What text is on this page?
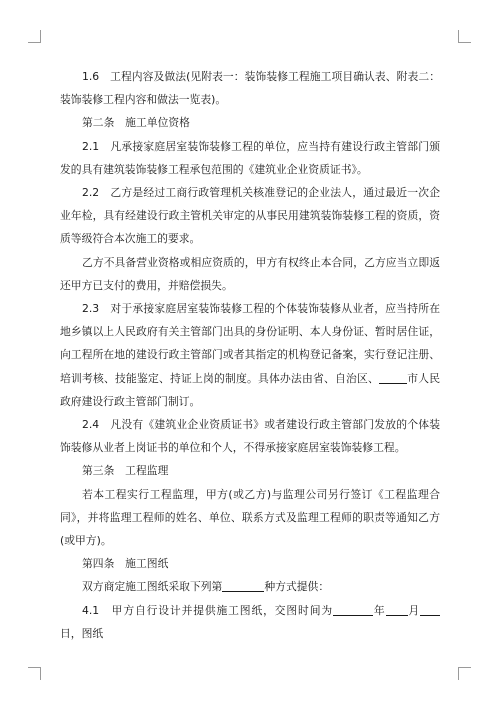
1.6　工程内容及做法(见附表一：装饰装修工程施工项目确认表、附表二：装饰装修工程内容和做法一览表)。

第二条　施工单位资格

2.1　凡承接家庭居室装饰装修工程的单位，应当持有建设行政主管部门颁发的具有建筑装饰装修工程承包范围的《建筑业企业资质证书》。

2.2　乙方是经过工商行政管理机关核准登记的企业法人，通过最近一次企业年检，具有经建设行政主管机关审定的从事民用建筑装饰装修工程的资质，资质等级符合本次施工的要求。

乙方不具备营业资格或相应资质的，甲方有权终止本合同，乙方应当立即返还甲方已支付的费用，并赔偿损失。

2.3　对于承接家庭居室装饰装修工程的个体装饰装修从业者，应当持所在地乡镇以上人民政府有关主管部门出具的身份证明、本人身份证、暂时居住证，向工程所在地的建设行政主管部门或者其指定的机构登记备案，实行登记注册、培训考核、技能鉴定、持证上岗的制度。具体办法由省、自治区、	市人民政府建设行政主管部门制订。

2.4　凡没有《建筑业企业资质证书》或者建设行政主管部门发放的个体装饰装修从业者上岗证书的单位和个人，不得承接家庭居室装饰装修工程。

第三条　工程监理

若本工程实行工程监理，甲方(或乙方)与监理公司另行签订《工程监理合同》，并将监理工程师的姓名、单位、联系方式及监理工程师的职责等通知乙方(或甲方)。

第四条　施工图纸

双方商定施工图纸采取下列第	种方式提供：

4.1　甲方自行设计并提供施工图纸，交图时间为	年 月日，图纸
